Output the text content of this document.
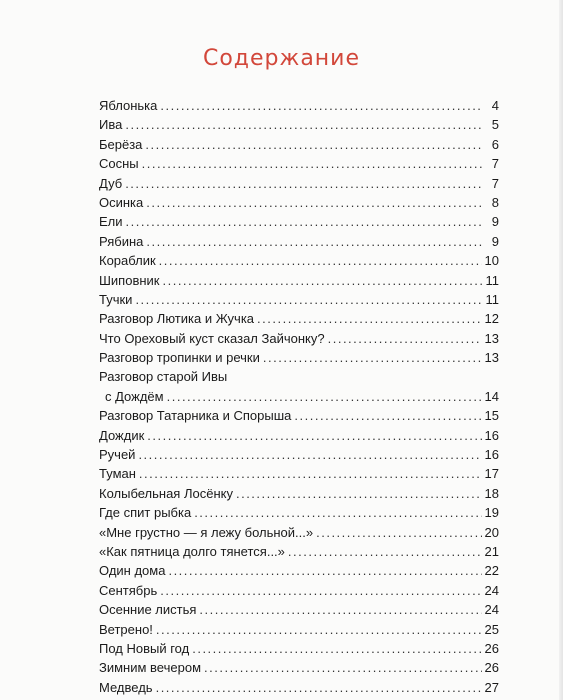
Содержание
Яблонька .....	4
Ива .....	5
Берёза .....	6
Сосны .....	7
Дуб .....	7
Осинка .....	8
Ели .....	9
Рябина .....	9
Кораблик .....	10
Шиповник .....	11
Тучки .....	11
Разговор Лютика и Жучка .....	12
Что Ореховый куст сказал Зайчонку? .....	13
Разговор тропинки и речки .....	13
Разговор старой Ивы
с Дождём .....	14
Разговор Татарника и Спорыша .....	15
Дождик .....	16
Ручей .....	16
Туман .....	17
Колыбельная Лосёнку .....	18
Где спит рыбка .....	19
«Мне грустно — я лежу больной...» .....	20
«Как пятница долго тянется...» .....	21
Один дома .....	22
Сентябрь .....	24
Осенние листья .....	24
Ветрено! .....	25
Под Новый год .....	26
Зимним вечером .....	26
Медведь .....	27
